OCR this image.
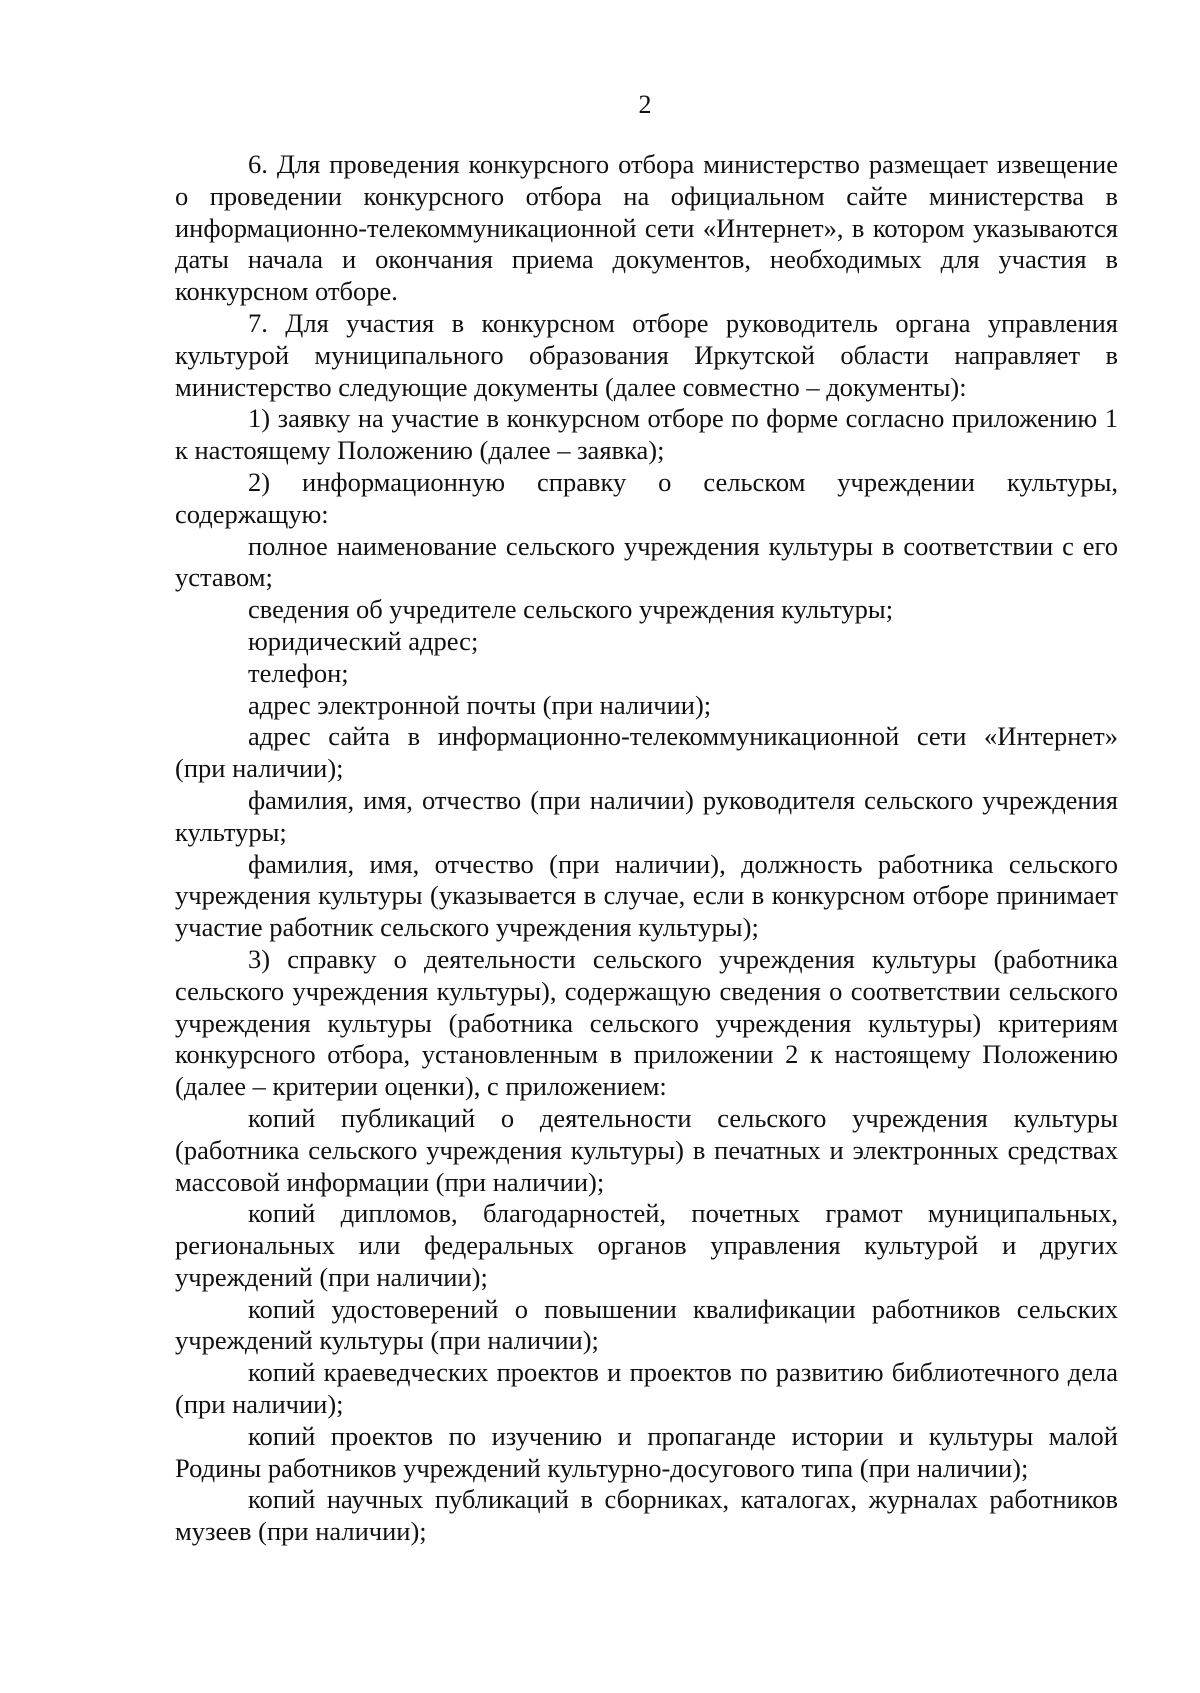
2

6. Для проведения конкурсного отбора министерство размещает извещение о проведении конкурсного отбора на официальном сайте министерства в информационно-телекоммуникационной сети «Интернет», в котором указываются даты начала и окончания приема документов, необходимых для участия в конкурсном отборе.

7. Для участия в конкурсном отборе руководитель органа управления культурой муниципального образования Иркутской области направляет в министерство следующие документы (далее совместно – документы):

1) заявку на участие в конкурсном отборе по форме согласно приложению 1 к настоящему Положению (далее – заявка);

2) информационную справку о сельском учреждении культуры, содержащую:

полное наименование сельского учреждения культуры в соответствии с его уставом;

сведения об учредителе сельского учреждения культуры;

юридический адрес;

телефон;

адрес электронной почты (при наличии);

адрес сайта в информационно-телекоммуникационной сети «Интернет» (при наличии);

фамилия, имя, отчество (при наличии) руководителя сельского учреждения культуры;

фамилия, имя, отчество (при наличии), должность работника сельского учреждения культуры (указывается в случае, если в конкурсном отборе принимает участие работник сельского учреждения культуры);

3) справку о деятельности сельского учреждения культуры (работника сельского учреждения культуры), содержащую сведения о соответствии сельского учреждения культуры (работника сельского учреждения культуры) критериям конкурсного отбора, установленным в приложении 2 к настоящему Положению (далее – критерии оценки), с приложением:

копий публикаций о деятельности сельского учреждения культуры (работника сельского учреждения культуры) в печатных и электронных средствах массовой информации (при наличии);

копий дипломов, благодарностей, почетных грамот муниципальных, региональных или федеральных органов управления культурой и других учреждений (при наличии);

копий удостоверений о повышении квалификации работников сельских учреждений культуры (при наличии);

копий краеведческих проектов и проектов по развитию библиотечного дела (при наличии);

копий проектов по изучению и пропаганде истории и культуры малой Родины работников учреждений культурно-досугового типа (при наличии);

копий научных публикаций в сборниках, каталогах, журналах работников музеев (при наличии);
